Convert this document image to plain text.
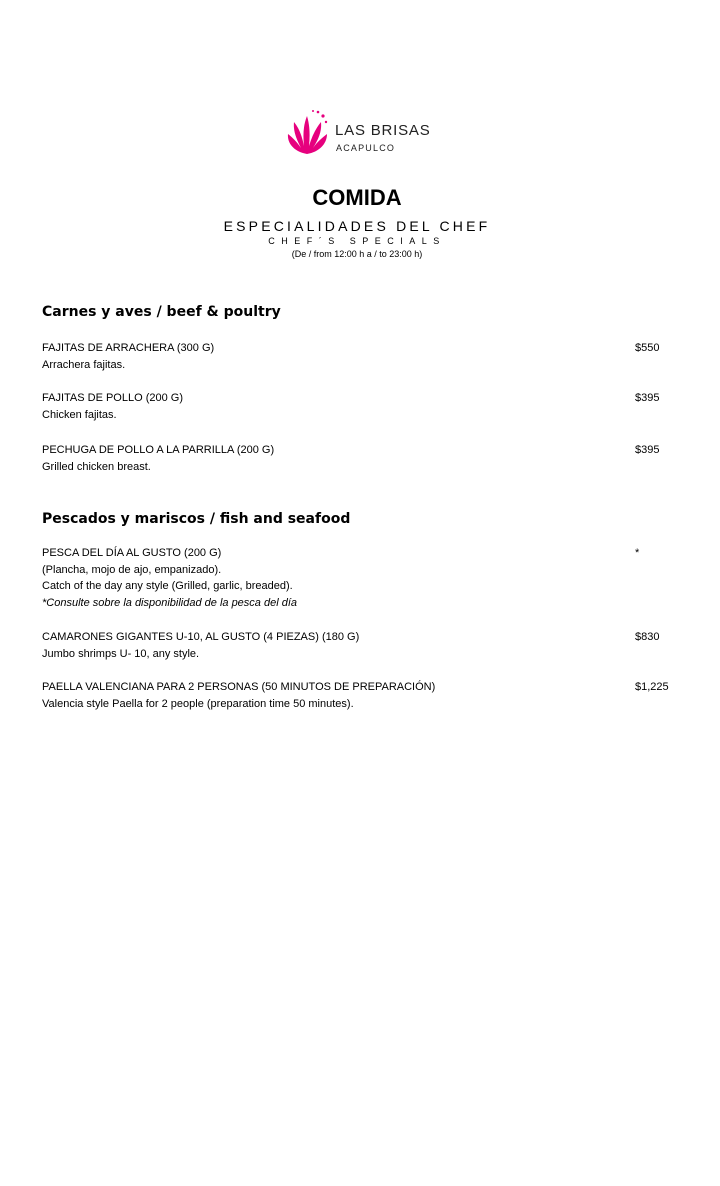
LAS BRISAS
ACAPULCO
COMIDA
ESPECIALIDADES DEL CHEF
CHEF´S SPECIALS
(De / from 12:00 h a / to 23:00 h)
Carnes y aves / beef & poultry
FAJITAS DE ARRACHERA (300 G)
Arrachera fajitas.
$550
FAJITAS DE POLLO (200 G)
Chicken fajitas.
$395
PECHUGA DE POLLO A LA PARRILLA (200 G)
Grilled chicken breast.
$395
Pescados y mariscos / fish and seafood
PESCA DEL DÍA AL GUSTO (200 G)
(Plancha, mojo de ajo, empanizado).
Catch of the day any style (Grilled, garlic, breaded).
*Consulte sobre la disponibilidad de la pesca del día
*
CAMARONES GIGANTES U-10, AL GUSTO (4 PIEZAS) (180 G)
Jumbo shrimps U- 10, any style.
$830
PAELLA VALENCIANA PARA 2 PERSONAS (50 MINUTOS DE PREPARACIÓN)
Valencia style Paella for 2 people (preparation time 50 minutes).
$1,225
